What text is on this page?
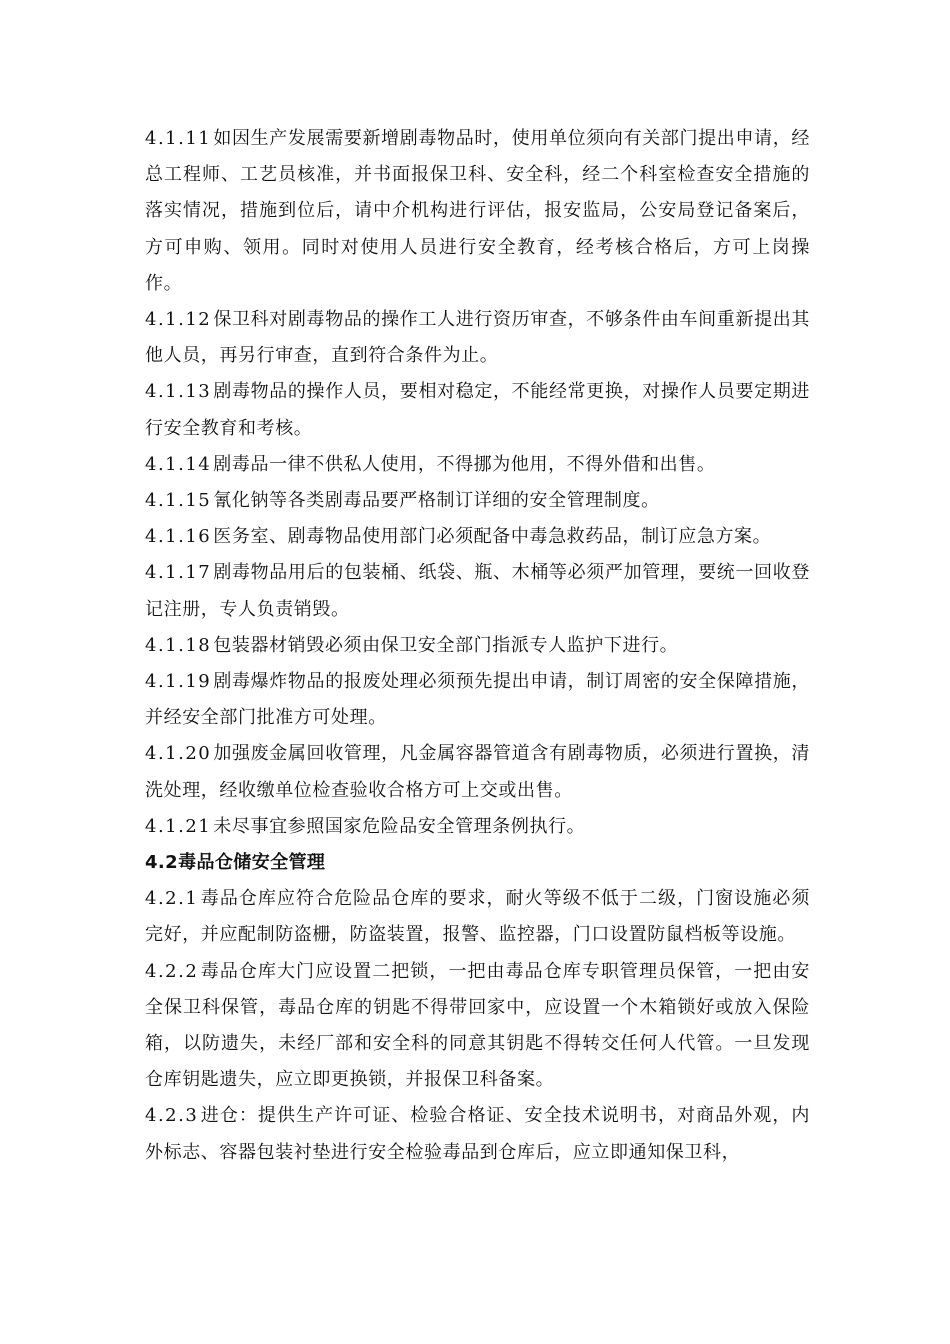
4.1.11 如因生产发展需要新增剧毒物品时，使用单位须向有关部门提出申请，经总工程师、工艺员核准，并书面报保卫科、安全科，经二个科室检查安全措施的落实情况，措施到位后，请中介机构进行评估，报安监局，公安局登记备案后，方可申购、领用。同时对使用人员进行安全教育，经考核合格后，方可上岗操作。

4.1.12 保卫科对剧毒物品的操作工人进行资历审查，不够条件由车间重新提出其他人员，再另行审查，直到符合条件为止。

4.1.13 剧毒物品的操作人员，要相对稳定，不能经常更换，对操作人员要定期进行安全教育和考核。

4.1.14 剧毒品一律不供私人使用，不得挪为他用，不得外借和出售。

4.1.15 氰化钠等各类剧毒品要严格制订详细的安全管理制度。

4.1.16 医务室、剧毒物品使用部门必须配备中毒急救药品，制订应急方案。

4.1.17 剧毒物品用后的包装桶、纸袋、瓶、木桶等必须严加管理，要统一回收登记注册，专人负责销毁。

4.1.18 包装器材销毁必须由保卫安全部门指派专人监护下进行。

4.1.19 剧毒爆炸物品的报废处理必须预先提出申请，制订周密的安全保障措施，并经安全部门批准方可处理。

4.1.20 加强废金属回收管理，凡金属容器管道含有剧毒物质，必须进行置换，清洗处理，经收缴单位检查验收合格方可上交或出售。

4.1.21 未尽事宜参照国家危险品安全管理条例执行。

4.2毒品仓储安全管理

4.2.1 毒品仓库应符合危险品仓库的要求，耐火等级不低于二级，门窗设施必须完好，并应配制防盗栅，防盗装置，报警、监控器，门口设置防鼠档板等设施。

4.2.2 毒品仓库大门应设置二把锁，一把由毒品仓库专职管理员保管，一把由安全保卫科保管，毒品仓库的钥匙不得带回家中，应设置一个木箱锁好或放入保险箱，以防遗失，未经厂部和安全科的同意其钥匙不得转交任何人代管。一旦发现仓库钥匙遗失，应立即更换锁，并报保卫科备案。

4.2.3 进仓：提供生产许可证、检验合格证、安全技术说明书，对商品外观，内外标志、容器包装衬垫进行安全检验毒品到仓库后，应立即通知保卫科，
